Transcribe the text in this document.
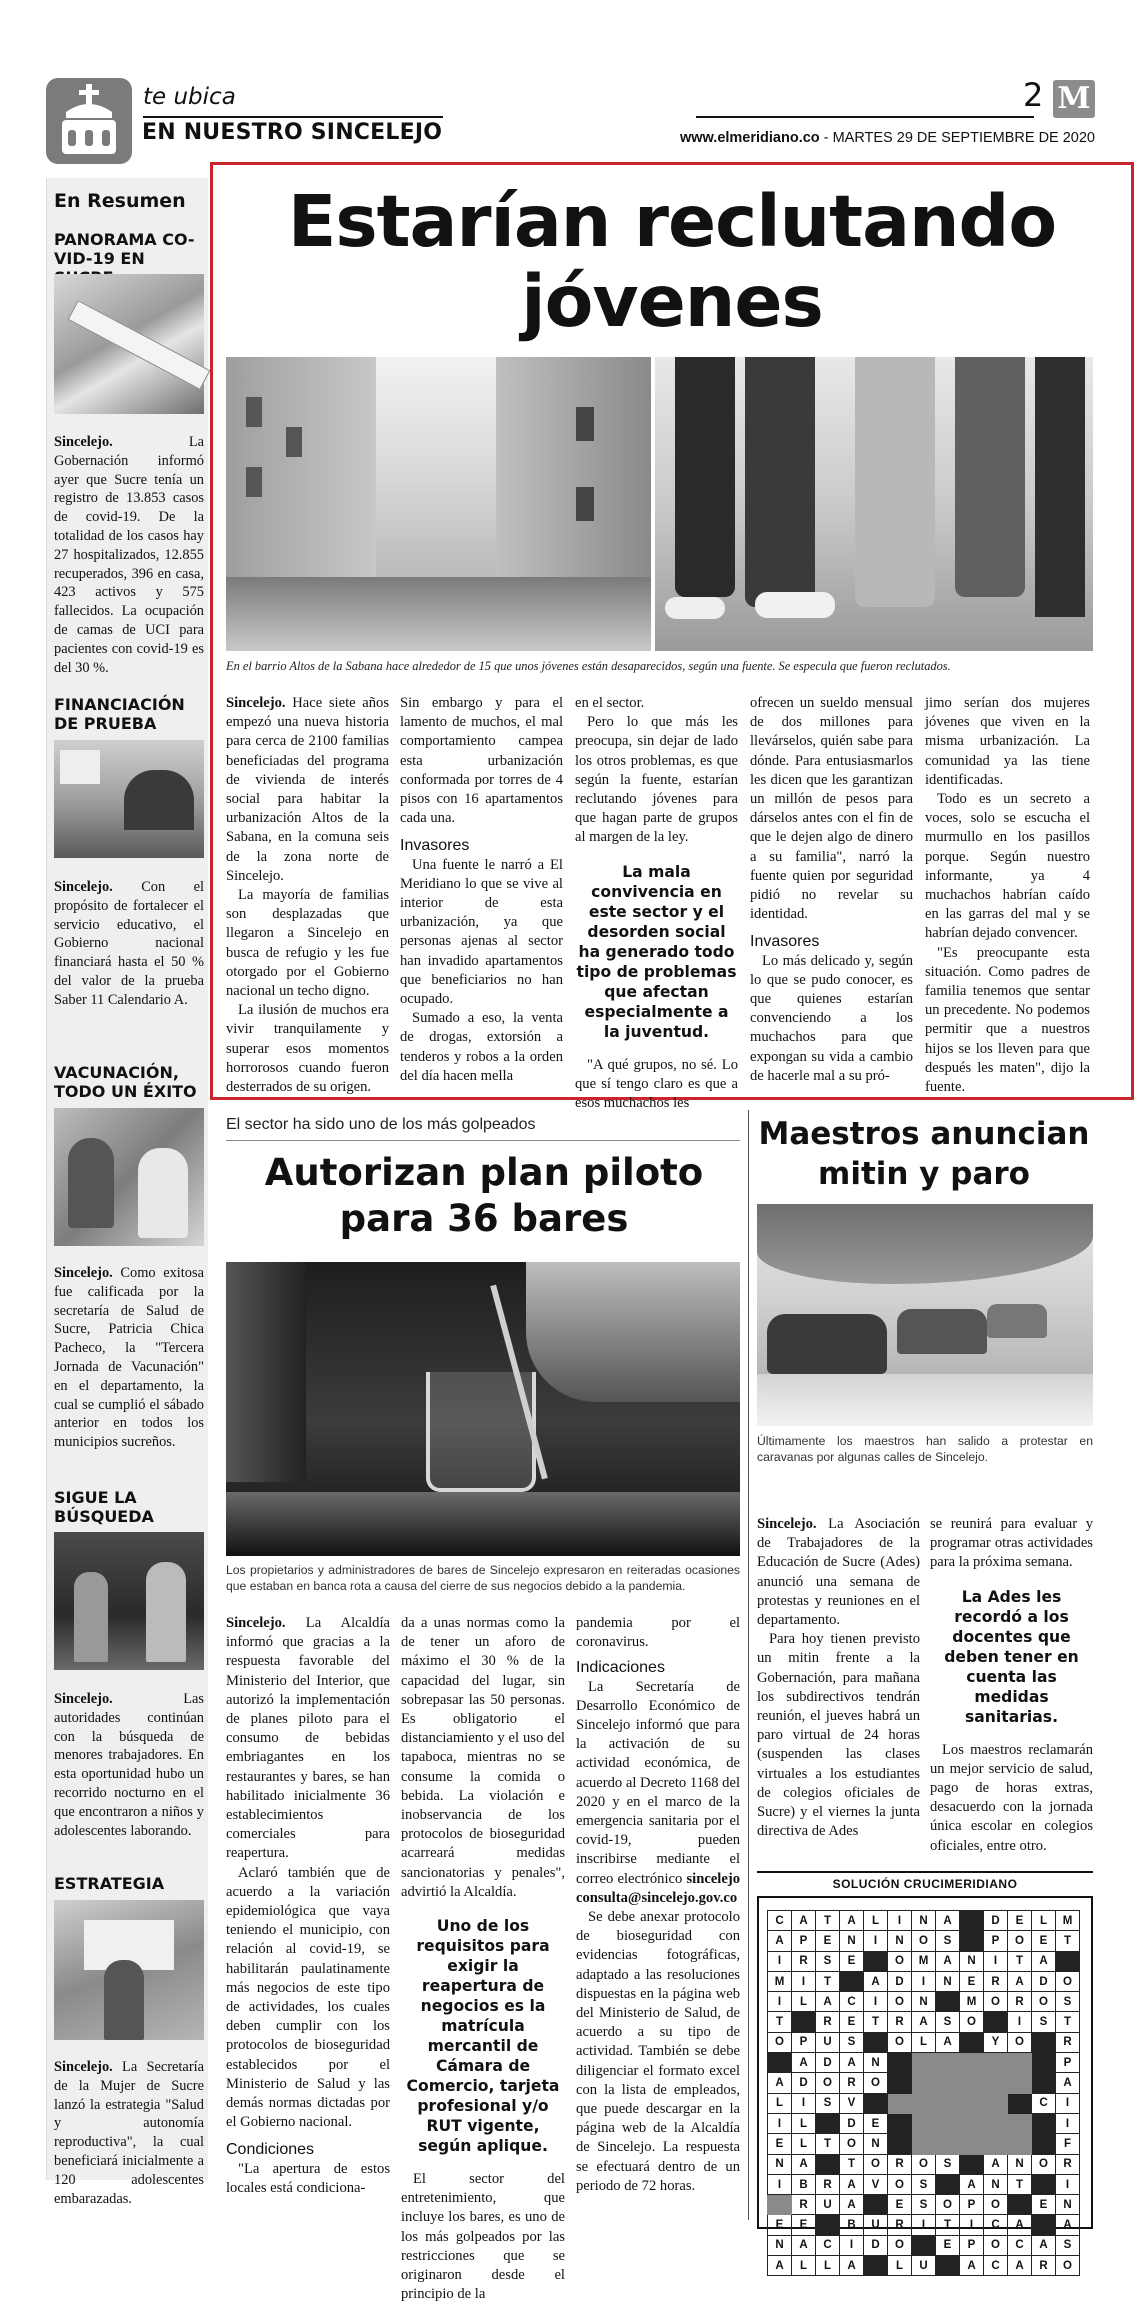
te ubica
EN NUESTRO SINCELEJO
2 M
www.elmeridiano.co - MARTES 29 DE SEPTIEMBRE DE 2020
En Resumen
PANORAMA CO-
VID-19 EN
Sincelejo.	La Gobernación informó ayer que Sucre tenía un registro de 13.853 casos de covid-19. De la totalidad de los casos hay 27 hospitalizados, 12.855 recuperados, 396 en casa, 423 activos y 575 fallecidos. La ocupación de camas de UCI para pacientes con covid-19 es del 30 %.
FINANCIACIÓN
DE PRUEBA
Sincelejo. Con el propósito de fortalecer el servicio educativo, el Gobierno nacional financiará hasta el 50 % del valor de la prueba Saber 11 Calendario A.
VACUNACIÓN,
TODO UN ÉXITO
Sincelejo. Como exitosa fue calificada por la secretaría de Salud de Sucre, Patricia Chica Pacheco, la "Tercera Jornada de Vacunación" en el departamento, la cual se cumplió el sábado anterior en todos los municipios sucreños.
SIGUE LA
BÚSQUEDA
Sincelejo.	Las autoridades continúan con la búsqueda de menores trabajadores. En esta oportunidad hubo un recorrido nocturno en el que encontraron a niños y adolescentes laborando.
ESTRATEGIA
Sincelejo. La Secretaría de la Mujer de Sucre lanzó la estrategia "Salud y autonomía reproductiva", la cual beneficiará inicialmente a 120 adolescentes embarazadas.
Estarían reclutando
jóvenes
En el barrio Altos de la Sabana hace alrededor de 15 que unos jóvenes están desaparecidos, según una fuente. Se especula que fueron reclutados.

Sincelejo. Hace siete años empezó una nueva historia para cerca de 2100 familias beneficiadas del programa de vivienda de interés social para habitar la urbanización Altos de la Sabana, en la comuna seis de la zona norte de Sincelejo.

La mayoría de familias son desplazadas que llegaron a Sincelejo en busca de refugio y les fue otorgado por el Gobierno nacional un techo digno.

La ilusión de muchos era vivir tranquilamente y superar esos momentos horrorosos cuando fueron desterrados de su origen.

Sin embargo y para el lamento de muchos, el mal comportamiento campea esta urbanización conformada por torres de 4 pisos con 16 apartamentos cada una.

Invasores

Una fuente le narró a El Meridiano lo que se vive al interior de esta urbanización, ya que personas ajenas al sector han invadido apartamentos que beneficiarios no han ocupado.

Sumado a eso, la venta de drogas, extorsión a tenderos y robos a la orden del día hacen mella

en el sector.

Pero lo que más les preocupa, sin dejar de lado los otros problemas, es que según la fuente, estarían reclutando jóvenes para que hagan parte de grupos al margen de la ley.

La mala convivencia en este sector y el desorden social ha generado todo tipo de problemas que afectan especialmente a la juventud.

"A qué grupos, no sé. Lo que sí tengo claro es que a esos muchachos les

ofrecen un sueldo mensual de dos millones para llevárselos, quién sabe para dónde. Para entusiasmarlos les dicen que les garantizan un millón de pesos para dárselos antes con el fin de que le dejen algo de dinero a su familia", narró la fuente quien por seguridad pidió no revelar su identidad.

Invasores

Lo más delicado y, según lo que se pudo conocer, es que quienes estarían convenciendo a los muchachos para que expongan su vida a cambio de hacerle mal a su pró-

jimo serían dos mujeres jóvenes que viven en la misma urbanización. La comunidad ya las tiene identificadas.

Todo es un secreto a voces, solo se escucha el murmullo en los pasillos porque. Según nuestro informante, ya 4 muchachos habrían caído en las garras del mal y se habrían dejado convencer.

"Es preocupante esta situación. Como padres de familia tenemos que sentar un precedente. No podemos permitir que a nuestros hijos se los lleven para que después les maten", dijo la fuente.

El sector ha sido uno de los más golpeados
Autorizan plan piloto
para 36 bares
Los propietarios y administradores de bares de Sincelejo expresaron en reiteradas ocasiones que estaban en banca rota a causa del cierre de sus negocios debido a la pandemia.

Sincelejo. La Alcaldía informó que gracias a la respuesta favorable del Ministerio del Interior, que autorizó la implementación de planes piloto para el consumo de bebidas embriagantes en los restaurantes y bares, se han habilitado inicialmente 36 establecimientos comerciales para reapertura.

Aclaró también que de acuerdo a la variación epidemiológica que vaya teniendo el municipio, con relación al covid-19, se habilitarán paulatinamente más negocios de este tipo de actividades, los cuales deben cumplir con los protocolos de bioseguridad establecidos por el Ministerio de Salud y las demás normas dictadas por el Gobierno nacional.

Condiciones

"La apertura de estos locales está condiciona-

da a unas normas como la de tener un aforo de máximo el 30 % de la capacidad del lugar, sin sobrepasar las 50 personas. Es obligatorio el distanciamiento y el uso del tapaboca, mientras no se consume la comida o bebida. La violación e inobservancia de los protocolos de bioseguridad acarreará medidas sancionatorias y penales", advirtió la Alcaldía.

Uno de los requisitos para exigir la reapertura de negocios es la matrícula mercantil de Cámara de Comercio, tarjeta profesional y/o RUT vigente, según aplique.

El sector del entretenimiento, que incluye los bares, es uno de los más golpeados por las restricciones que se originaron desde el principio de la

pandemia por el coronavirus.

Indicaciones

La Secretaría de Desarrollo Económico de Sincelejo informó que para la activación de su actividad económica, de acuerdo al Decreto 1168 del 2020 y en el marco de la emergencia sanitaria por el covid-19, pueden inscribirse mediante el correo electrónico sincelejoconsulta@sincelejo.gov.co

Se debe anexar protocolo de bioseguridad con evidencias fotográficas, adaptado a las resoluciones dispuestas en la página web del Ministerio de Salud, de acuerdo a su tipo de actividad. También se debe diligenciar el formato excel con la lista de empleados, que puede descargar en la página web de la Alcaldía de Sincelejo. La respuesta se efectuará dentro de un periodo de 72 horas.

Maestros anuncian
mitin y paro
Últimamente los maestros han salido a protestar en caravanas por algunas calles de Sincelejo.

Sincelejo. La Asociación de Trabajadores de la Educación de Sucre (Ades) anunció una semana de protestas y reuniones en el departamento.

Para hoy tienen previsto un mitin frente a la Gobernación, para mañana los subdirectivos tendrán reunión, el jueves habrá un paro virtual de 24 horas (suspenden las clases virtuales a los estudiantes de colegios oficiales de Sucre) y el viernes la junta directiva de Ades

se reunirá para evaluar y programar otras actividades para la próxima semana.

La Ades les recordó a los docentes que deben tener en cuenta las medidas sanitarias.

Los maestros reclamarán un mejor servicio de salud, pago de horas extras, desacuerdo con la jornada única escolar en colegios oficiales, entre otro.

SOLUCIÓN CRUCIMERIDIANO
C	A	T	A	L	I	N	A		D	E	L	M
A	P	E	N	I	N	O	S		P	O	E	T
I	R	S	E		O	M	A	N	I	T	A	
M	I	T		A	D	I	N	E	R	A	D	O
I	L	A	C	I	O	N		M	O	R	O	S
T		R	E	T	R	A	S	O		I	S	T
O	P	U	S		O	L	A		Y	O		R
	A	D	A	N								P
A	D	O	R	O								A
L	I	S	V								C	I
I	L		D	E								I
E	L	T	O	N								F
N	A		T	O	R	O	S		A	N	O	R
I	B	R	A	V	O	S		A	N	T		I
	R	U	A		E	S	O	P	O		E	N
E	E		B	U	R	I	T	I	C	A		A
N	A	C	I	D	O		E	P	O	C	A	S
A	L	L	A		L	U		A	C	A	R	O
